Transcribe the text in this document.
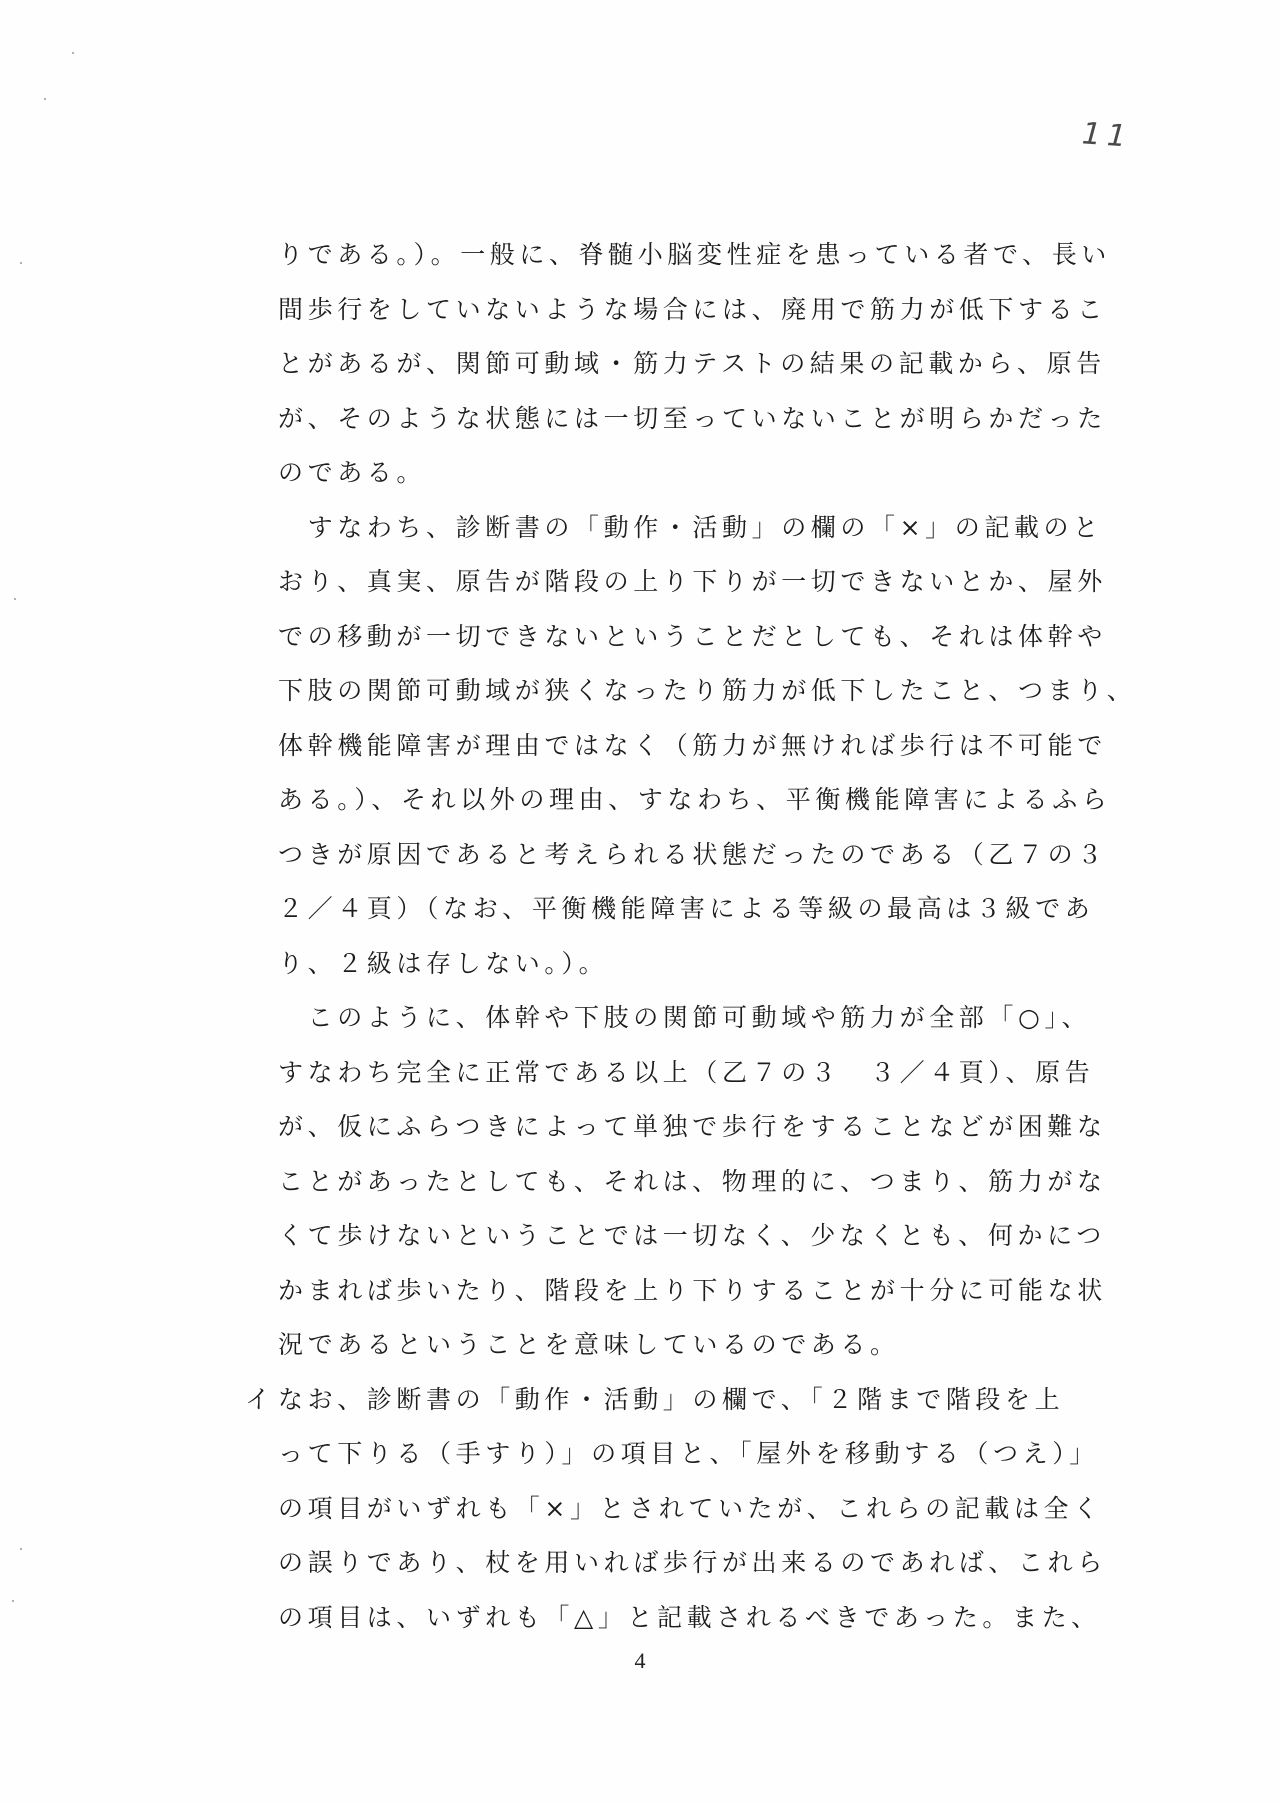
11
りである。）。一般に、脊髄小脳変性症を患っている者で、長い
間歩行をしていないような場合には、廃用で筋力が低下するこ
とがあるが、関節可動域・筋力テストの結果の記載から、原告
が、そのような状態には一切至っていないことが明らかだった
のである。
　すなわち、診断書の「動作・活動」の欄の「×」の記載のと
おり、真実、原告が階段の上り下りが一切できないとか、屋外
での移動が一切できないということだとしても、それは体幹や
下肢の関節可動域が狭くなったり筋力が低下したこと、つまり、
体幹機能障害が理由ではなく（筋力が無ければ歩行は不可能で
ある。）、それ以外の理由、すなわち、平衡機能障害によるふら
つきが原因であると考えられる状態だったのである（乙７の３
２／４頁）（なお、平衡機能障害による等級の最高は３級であ
り、２級は存しない。）。
　このように、体幹や下肢の関節可動域や筋力が全部「○」、
すなわち完全に正常である以上（乙７の３　３／４頁）、原告
が、仮にふらつきによって単独で歩行をすることなどが困難な
ことがあったとしても、それは、物理的に、つまり、筋力がな
くて歩けないということでは一切なく、少なくとも、何かにつ
かまれば歩いたり、階段を上り下りすることが十分に可能な状
況であるということを意味しているのである。
イ なお、診断書の「動作・活動」の欄で、「２階まで階段を上
って下りる（手すり）」の項目と、「屋外を移動する（つえ）」
の項目がいずれも「×」とされていたが、これらの記載は全く
の誤りであり、杖を用いれば歩行が出来るのであれば、これら
の項目は、いずれも「△」と記載されるべきであった。また、
4
